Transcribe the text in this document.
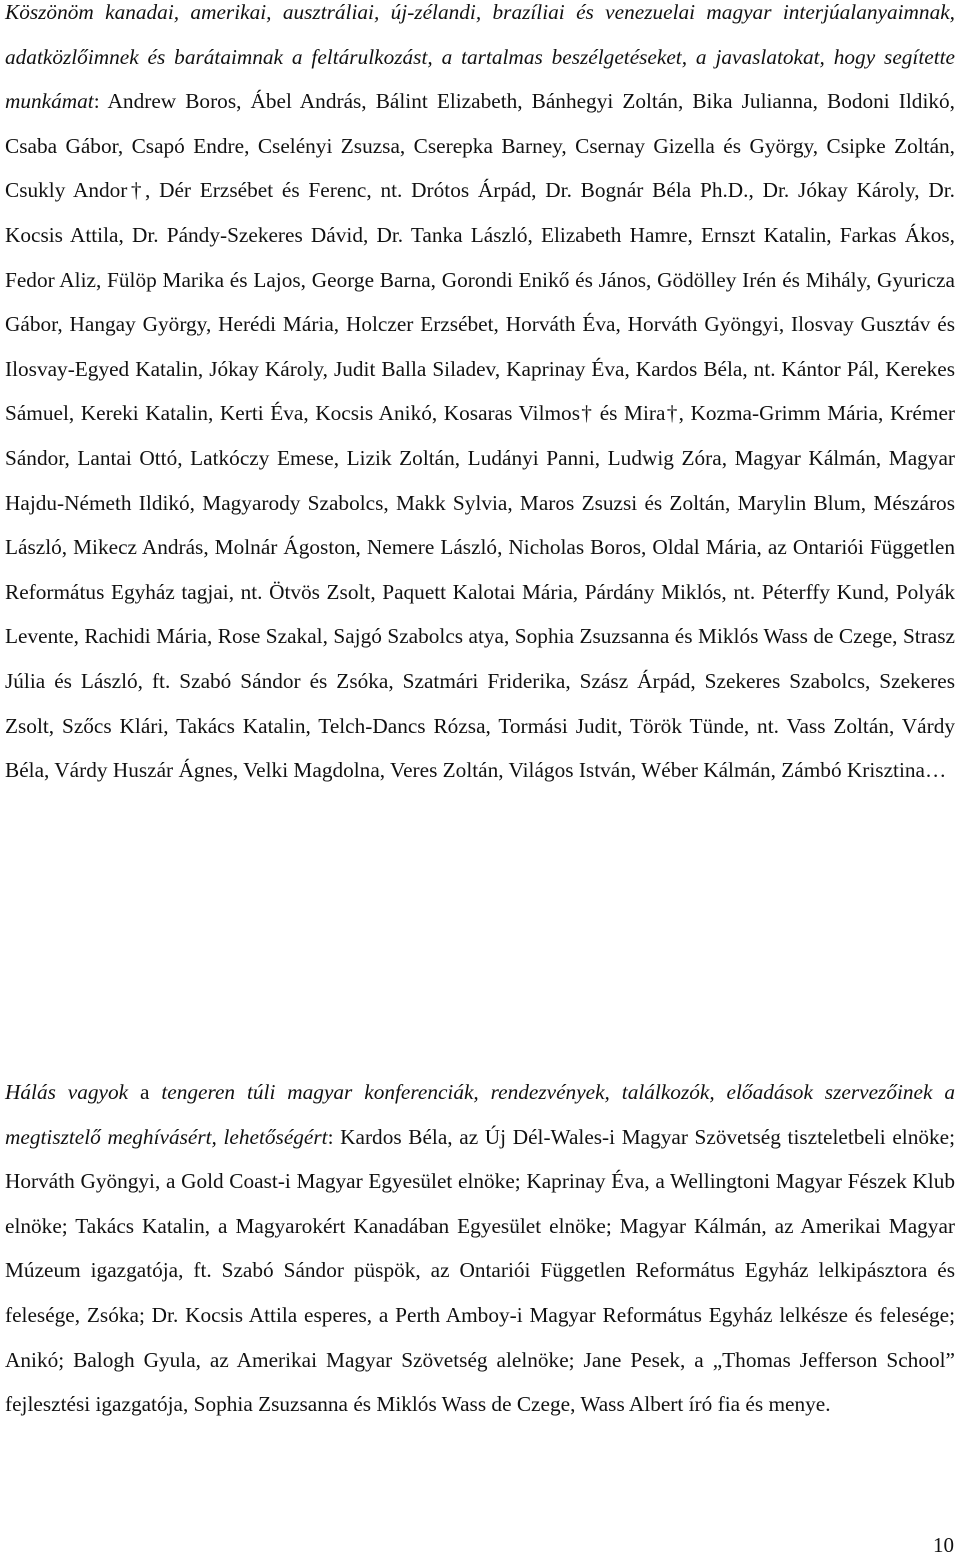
Köszönöm kanadai, amerikai, ausztráliai, új-zélandi, brazíliai és venezuelai magyar interjúalanyaimnak, adatközlőimnek és barátaimnak a feltárulkozást, a tartalmas beszélgetéseket, a javaslatokat, hogy segítette munkámat: Andrew Boros, Ábel András, Bálint Elizabeth, Bánhegyi Zoltán, Bika Julianna, Bodoni Ildikó, Csaba Gábor, Csapó Endre, Cselényi Zsuzsa, Cserepka Barney, Csernay Gizella és György, Csipke Zoltán, Csukly Andor†, Dér Erzsébet és Ferenc, nt. Drótos Árpád, Dr. Bognár Béla Ph.D., Dr. Jókay Károly, Dr. Kocsis Attila, Dr. Pándy-Szekeres Dávid, Dr. Tanka László, Elizabeth Hamre, Ernszt Katalin, Farkas Ákos, Fedor Aliz, Fülöp Marika és Lajos, George Barna, Gorondi Enikő és János, Gödölley Irén és Mihály, Gyuricza Gábor, Hangay György, Herédi Mária, Holczer Erzsébet, Horváth Éva, Horváth Gyöngyi, Ilosvay Gusztáv és Ilosvay-Egyed Katalin, Jókay Károly, Judit Balla Siladev, Kaprinay Éva, Kardos Béla, nt. Kántor Pál, Kerekes Sámuel, Kereki Katalin, Kerti Éva, Kocsis Anikó, Kosaras Vilmos† és Mira†, Kozma-Grimm Mária, Krémer Sándor, Lantai Ottó, Latkóczy Emese, Lizik Zoltán, Ludányi Panni, Ludwig Zóra, Magyar Kálmán, Magyar Hajdu-Németh Ildikó, Magyarody Szabolcs, Makk Sylvia, Maros Zsuzsi és Zoltán, Marylin Blum, Mészáros László, Mikecz András, Molnár Ágoston, Nemere László, Nicholas Boros, Oldal Mária, az Ontarióі Független Református Egyház tagjai, nt. Ötvös Zsolt, Paquett Kalotai Mária, Párdány Miklós, nt. Péterffy Kund, Polyák Levente, Rachidi Mária, Rose Szakal, Sajgó Szabolcs atya, Sophia Zsuzsanna és Miklós Wass de Czege, Strasz Júlia és László, ft. Szabó Sándor és Zsóka, Szatmári Friderika, Szász Árpád, Szekeres Szabolcs, Szekeres Zsolt, Szőcs Klári, Takács Katalin, Telch-Dancs Rózsa, Tormási Judit, Török Tünde, nt. Vass Zoltán, Várdy Béla, Várdy Huszár Ágnes, Velki Magdolna, Veres Zoltán, Világos István, Wéber Kálmán, Zámbó Krisztina…

Hálás vagyok a tengeren túli magyar konferenciák, rendezvények, találkozók, előadások szervezőinek a megtisztelő meghívásért, lehetőségért: Kardos Béla, az Új Dél-Wales-i Magyar Szövetség tiszteletbeli elnöke; Horváth Gyöngyi, a Gold Coast-i Magyar Egyesület elnöke; Kaprinay Éva, a Wellingtoni Magyar Fészek Klub elnöke; Takács Katalin, a Magyarokért Kanadában Egyesület elnöke; Magyar Kálmán, az Amerikai Magyar Múzeum igazgatója, ft. Szabó Sándor püspök, az Ontarióі Független Református Egyház lelkipásztora és felesége, Zsóka; Dr. Kocsis Attila esperes, a Perth Amboy-i Magyar Református Egyház lelkésze és felesége; Anikó; Balogh Gyula, az Amerikai Magyar Szövetség alelnöke; Jane Pesek, a „Thomas Jefferson School” fejlesztési igazgatója, Sophia Zsuzsanna és Miklós Wass de Czege, Wass Albert író fia és menye.

10
